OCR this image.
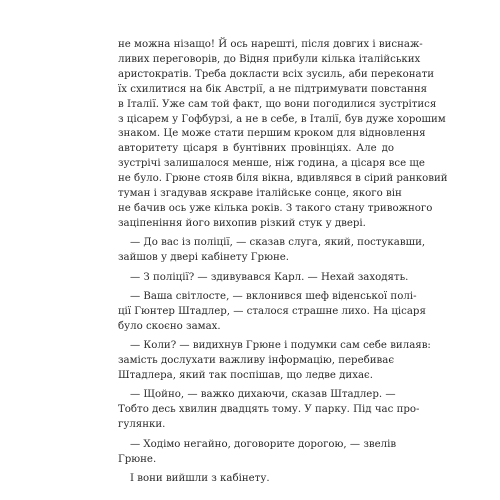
не можна нізащо! Й ось нарешті, після довгих і виснаж-
ливих переговорів, до Відня прибули кілька італійських
аристократів. Треба докласти всіх зусиль, аби переконати
їх схилитися на бік Австрії, а не підтримувати повстання
в Італії. Уже сам той факт, що вони погодилися зустрітися
з цісарем у Гофбурзі, а не в себе, в Італії, був дуже хорошим
знаком. Це може стати першим кроком для відновлення
авторитету цісаря в бунтівних провінціях. Але до
зустрічі залишалося менше, ніж година, а цісаря все ще
не було. Грюне стояв біля вікна, вдивлявся в сірий ранковий
туман і згадував яскраве італійське сонце, якого він
не бачив ось уже кілька років. З такого стану тривожного
заціпеніння його вихопив різкий стук у двері.
— До вас із поліції, — сказав слуга, який, постукавши,
зайшов у двері кабінету Грюне.
— З поліції? — здивувався Карл. — Нехай заходять.
— Ваша світлосте, — вклонився шеф віденської полі-
ції Гюнтер Штадлер, — сталося страшне лихо. На цісаря
було скоєно замах.
— Коли? — видихнув Грюне і подумки сам себе вилаяв:
замість дослухати важливу інформацію, перебиває
Штадлера, який так поспішав, що ледве дихає.
— Щойно, — важко дихаючи, сказав Штадлер. —
Тобто десь хвилин двадцять тому. У парку. Під час про-
гулянки.
— Ходімо негайно, договорите дорогою, — звелів
Грюне.
І вони вийшли з кабінету.
